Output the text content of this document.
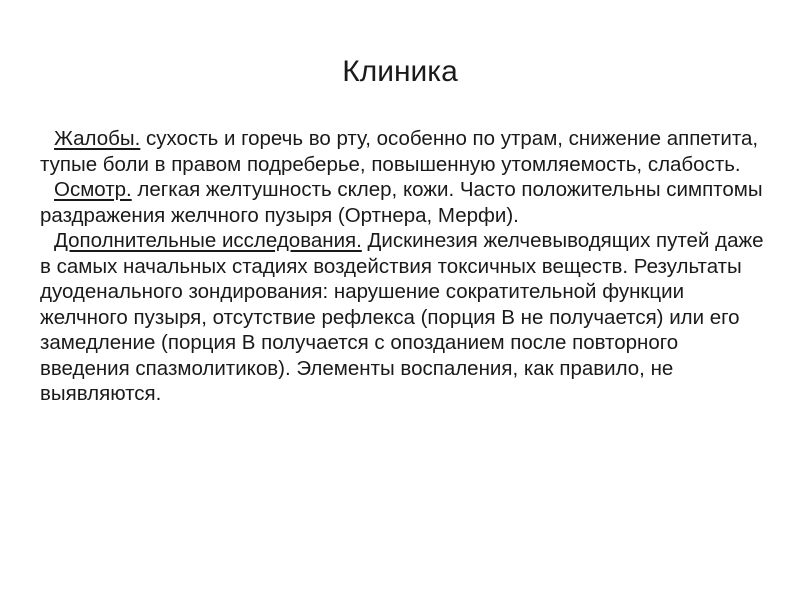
Клиника

Жалобы. сухость и горечь во рту, особенно по утрам, снижение аппетита, тупые боли в правом подреберье, повышенную утомляемость, слабость.

Осмотр. легкая желтушность склер, кожи. Часто положительны симптомы раздражения желчного пузыря (Ортнера, Мерфи).

Дополнительные исследования. Дискинезия желчевыводящих путей даже в самых начальных стадиях воздействия токсичных веществ. Результаты дуоденального зондирования: нарушение сократительной функции желчного пузыря, отсутствие рефлекса (порция B не получается) или его замедление (порция B получается с опозданием после повторного введения спазмолитиков). Элементы воспаления, как правило, не выявляются.
